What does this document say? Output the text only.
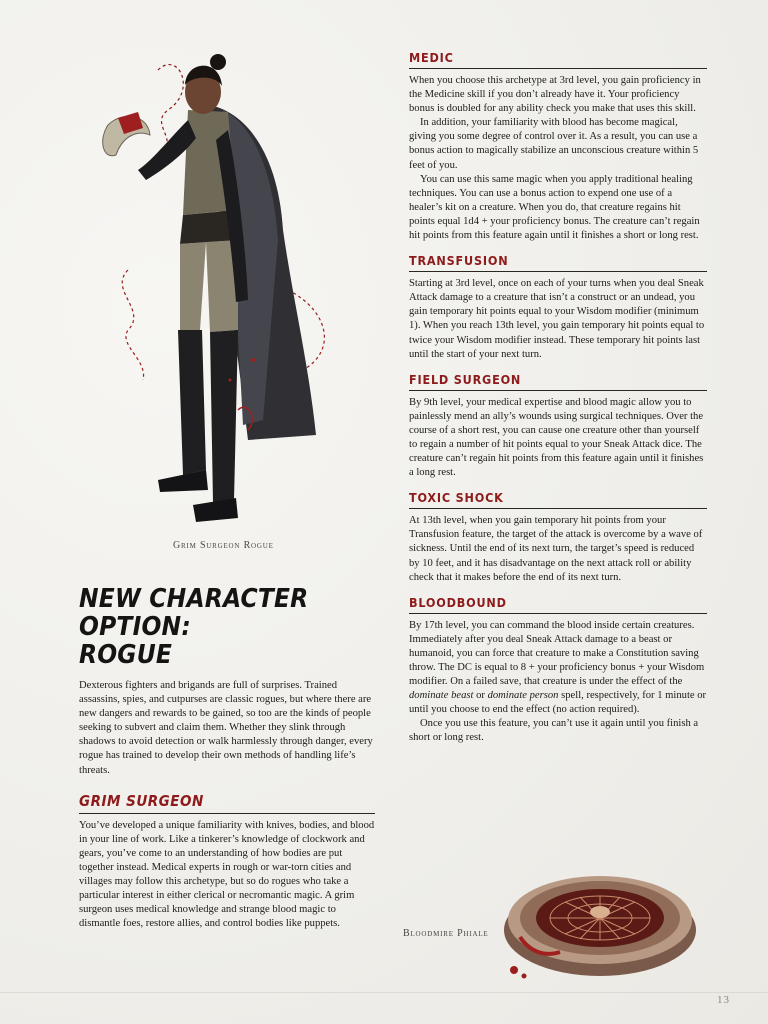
Grim Surgeon Rogue
NEW CHARACTER OPTION:
ROGUE

Dexterous fighters and brigands are full of surprises. Trained assassins, spies, and cutpurses are classic rogues, but where there are new dangers and rewards to be gained, so too are the kinds of people seeking to subvert and claim them. Whether they slink through shadows to avoid detection or walk harmlessly through danger, every rogue has trained to develop their own methods of handling life’s threats.

GRIM SURGEON

You’ve developed a unique familiarity with knives, bodies, and blood in your line of work. Like a tinkerer’s knowledge of clockwork and gears, you’ve come to an understanding of how bodies are put together instead. Medical experts in rough or war-torn cities and villages may follow this archetype, but so do rogues who take a particular interest in either clerical or necromantic magic. A grim surgeon uses medical knowledge and strange blood magic to dismantle foes, restore allies, and control bodies like puppets.

MEDIC

When you choose this archetype at 3rd level, you gain proficiency in the Medicine skill if you don’t already have it. Your proficiency bonus is doubled for any ability check you make that uses this skill.

In addition, your familiarity with blood has become magical, giving you some degree of control over it. As a result, you can use a bonus action to magically stabilize an unconscious creature within 5 feet of you.

You can use this same magic when you apply traditional healing techniques. You can use a bonus action to expend one use of a healer’s kit on a creature. When you do, that creature regains hit points equal 1d4 + your proficiency bonus. The creature can’t regain hit points from this feature again until it finishes a short or long rest.

TRANSFUSION

Starting at 3rd level, once on each of your turns when you deal Sneak Attack damage to a creature that isn’t a construct or an undead, you gain temporary hit points equal to your Wisdom modifier (minimum 1). When you reach 13th level, you gain temporary hit points equal to twice your Wisdom modifier instead. These temporary hit points last until the start of your next turn.

FIELD SURGEON

By 9th level, your medical expertise and blood magic allow you to painlessly mend an ally’s wounds using surgical techniques. Over the course of a short rest, you can cause one creature other than yourself to regain a number of hit points equal to your Sneak Attack dice. The creature can’t regain hit points from this feature again until it finishes a long rest.

TOXIC SHOCK

At 13th level, when you gain temporary hit points from your Transfusion feature, the target of the attack is overcome by a wave of sickness. Until the end of its next turn, the target’s speed is reduced by 10 feet, and it has disadvantage on the next attack roll or ability check that it makes before the end of its next turn.

BLOODBOUND

By 17th level, you can command the blood inside certain creatures. Immediately after you deal Sneak Attack damage to a beast or humanoid, you can force that creature to make a Constitution saving throw. The DC is equal to 8 + your proficiency bonus + your Wisdom modifier. On a failed save, that creature is under the effect of the dominate beast or dominate person spell, respectively, for 1 minute or until you choose to end the effect (no action required).

Once you use this feature, you can’t use it again until you finish a short or long rest.

Bloodmire Phiale
13
